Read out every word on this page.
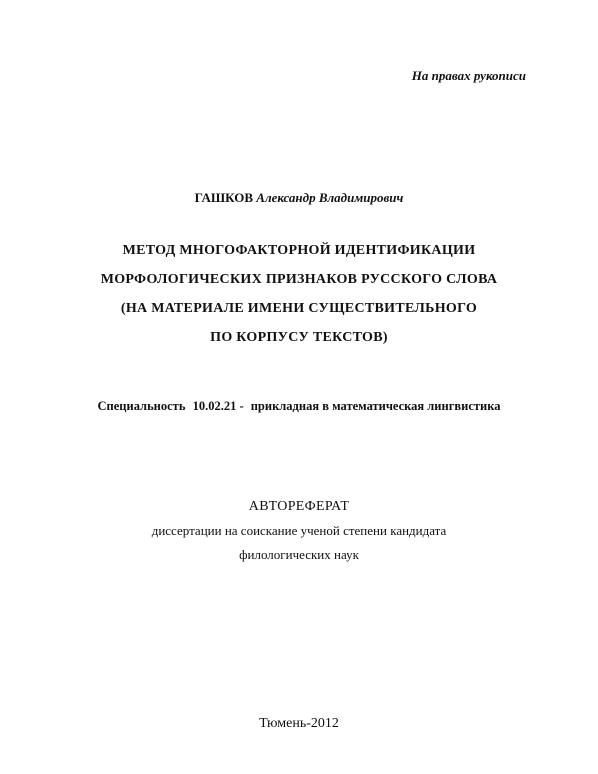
На правах рукописи
ГАШКОВ Александр Владимирович
МЕТОД МНОГОФАКТОРНОЙ ИДЕНТИФИКАЦИИ
МОРФОЛОГИЧЕСКИХ ПРИЗНАКОВ РУССКОГО СЛОВА
(НА МАТЕРИАЛЕ ИМЕНИ СУЩЕСТВИТЕЛЬНОГО
ПО КОРПУСУ ТЕКСТОВ)
Специальность 10.02.21 - прикладная в математическая лингвистика
АВТОРЕФЕРАТ
диссертации на соискание ученой степени кандидата
филологических наук
Тюмень-2012
